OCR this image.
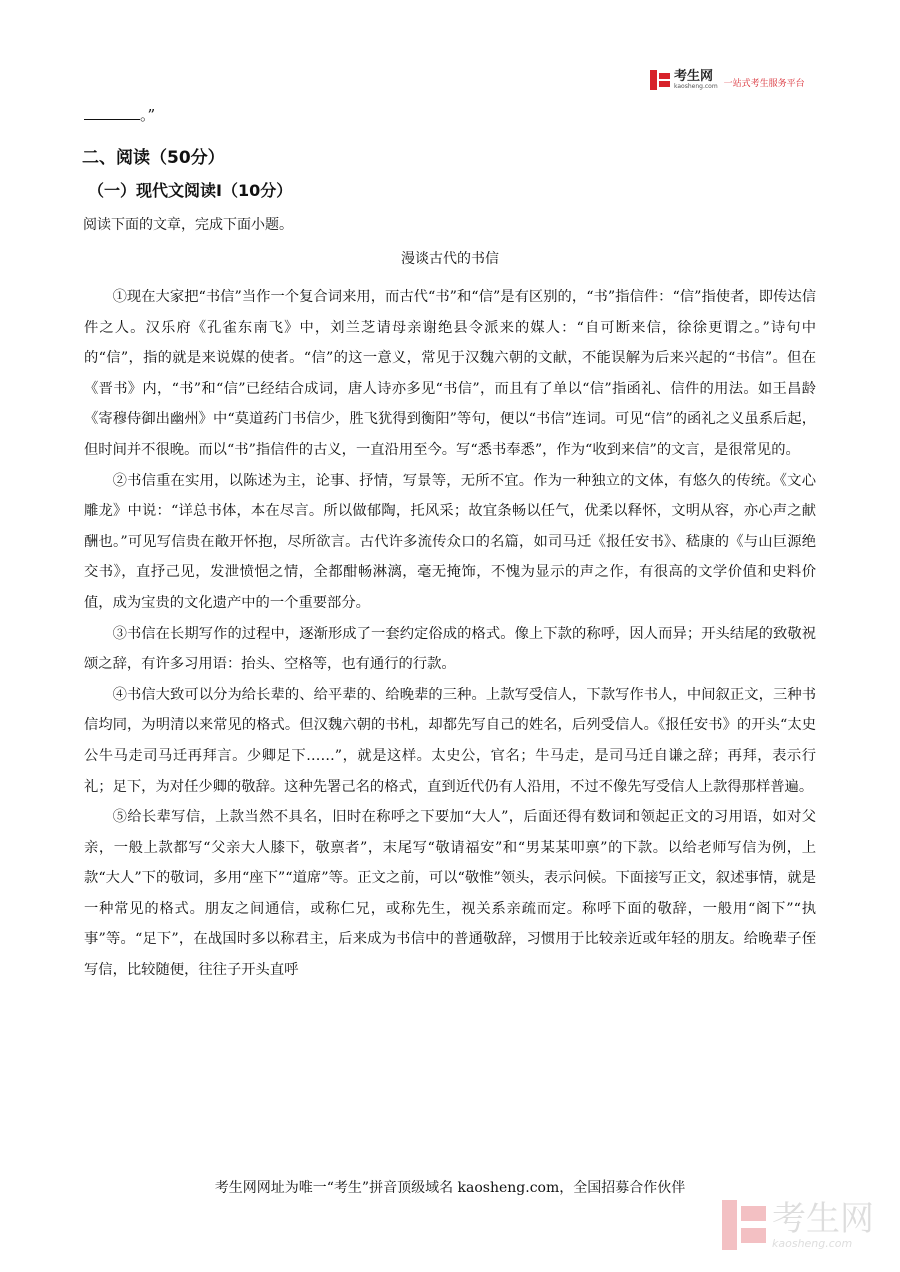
考生网
kaosheng.com 一站式考生服务平台
。”
二、阅读（50分）
（一）现代文阅读Ⅰ（10分）
阅读下面的文章，完成下面小题。
漫谈古代的书信

①现在大家把“书信”当作一个复合词来用，而古代“书”和“信”是有区别的，“书”指信件：“信”指使者，即传达信件之人。汉乐府《孔雀东南飞》中，刘兰芝请母亲谢绝县令派来的媒人：“自可断来信，徐徐更谓之。”诗句中的“信”，指的就是来说媒的使者。“信”的这一意义，常见于汉魏六朝的文献，不能误解为后来兴起的“书信”。但在《晋书》内，“书”和“信”已经结合成词，唐人诗亦多见“书信”，而且有了单以“信”指函礼、信件的用法。如王昌龄《寄穆侍御出幽州》中“莫道药门书信少，胜飞犹得到衡阳”等句，便以“书信”连词。可见“信”的函礼之义虽系后起，但时间并不很晚。而以“书”指信件的古义，一直沿用至今。写“悉书奉悉”，作为“收到来信”的文言，是很常见的。

②书信重在实用，以陈述为主，论事、抒情，写景等，无所不宜。作为一种独立的文体，有悠久的传统。《文心雕龙》中说：“详总书体，本在尽言。所以做郁陶，托风采；故宜条畅以任气，优柔以释怀，文明从容，亦心声之献酬也。”可见写信贵在敞开怀抱，尽所欲言。古代许多流传众口的名篇，如司马迁《报任安书》、嵇康的《与山巨源绝交书》，直抒己见，发泄愤悒之情，全都酣畅淋漓，毫无掩饰，不愧为显示的声之作，有很高的文学价值和史料价值，成为宝贵的文化遗产中的一个重要部分。

③书信在长期写作的过程中，逐渐形成了一套约定俗成的格式。像上下款的称呼，因人而异；开头结尾的致敬祝颂之辞，有许多习用语：抬头、空格等，也有通行的行款。

④书信大致可以分为给长辈的、给平辈的、给晚辈的三种。上款写受信人，下款写作书人，中间叙正文，三种书信均同，为明清以来常见的格式。但汉魏六朝的书札，却都先写自己的姓名，后列受信人。《报任安书》的开头“太史公牛马走司马迁再拜言。少卿足下……”，就是这样。太史公，官名；牛马走，是司马迁自谦之辞；再拜，表示行礼；足下，为对任少卿的敬辞。这种先署己名的格式，直到近代仍有人沿用，不过不像先写受信人上款得那样普遍。

⑤给长辈写信，上款当然不具名，旧时在称呼之下要加“大人”，后面还得有数词和领起正文的习用语，如对父亲，一般上款都写“父亲大人膝下，敬禀者”，末尾写“敬请福安”和“男某某叩禀”的下款。以给老师写信为例，上款“大人”下的敬词，多用“座下”“道席”等。正文之前，可以“敬惟”领头，表示问候。下面接写正文，叙述事情，就是一种常见的格式。朋友之间通信，或称仁兄，或称先生，视关系亲疏而定。称呼下面的敬辞，一般用“阁下”“执事”等。“足下”，在战国时多以称君主，后来成为书信中的普通敬辞，习惯用于比较亲近或年轻的朋友。给晚辈子侄写信，比较随便，往往子开头直呼

考生网网址为唯一“考生”拼音顶级域名 kaosheng.com，全国招募合作伙伴
考生网
kaosheng.com
